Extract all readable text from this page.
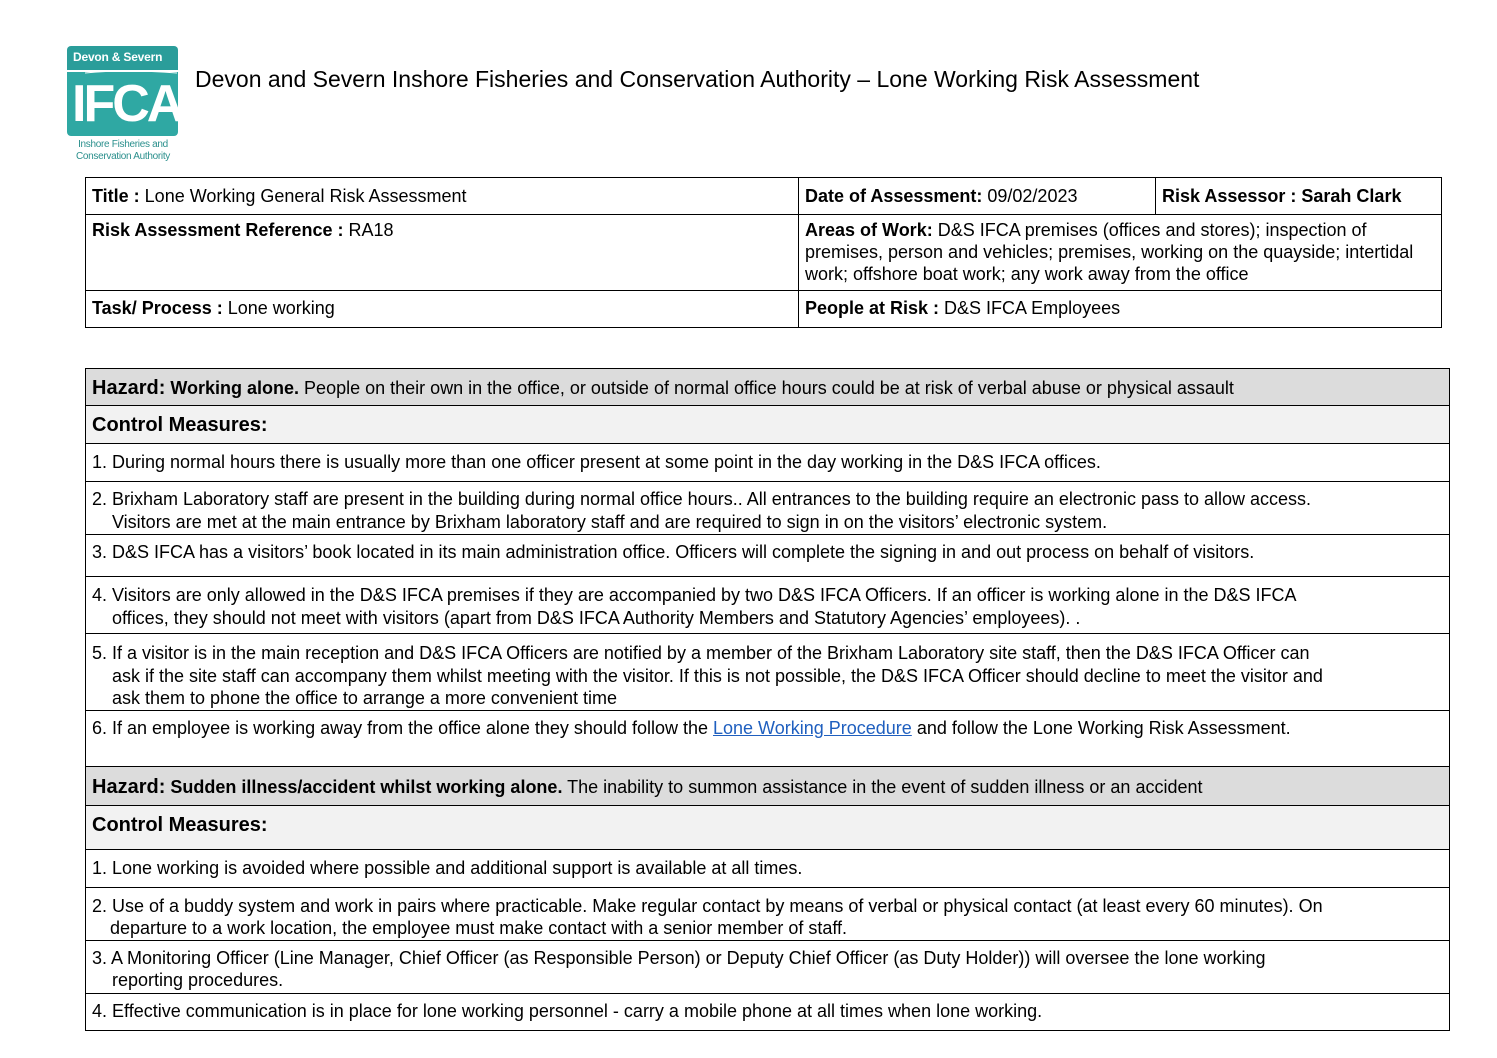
Devon & Severn
IFCA
Inshore Fisheries and
Conservation Authority
Devon and Severn Inshore Fisheries and Conservation Authority – Lone Working Risk Assessment
Title : Lone Working General Risk Assessment	Date of Assessment: 09/02/2023	Risk Assessor : Sarah Clark
Risk Assessment Reference : RA18	Areas of Work: D&S IFCA premises (offices and stores); inspection of premises, person and vehicles; premises, working on the quayside; intertidal work; offshore boat work; any work away from the office	
Task/ Process : Lone working	People at Risk : D&S IFCA Employees	
Hazard: Working alone. People on their own in the office, or outside of normal office hours could be at risk of verbal abuse or physical assault
Control Measures:

1. During normal hours there is usually more than one officer present at some point in the day working in the D&S IFCA offices.

2. Brixham Laboratory staff are present in the building during normal office hours.. All entrances to the building require an electronic pass to allow access.
Visitors are met at the main entrance by Brixham laboratory staff and are required to sign in on the visitors’ electronic system.

3. D&S IFCA has a visitors’ book located in its main administration office. Officers will complete the signing in and out process on behalf of visitors.

4. Visitors are only allowed in the D&S IFCA premises if they are accompanied by two D&S IFCA Officers. If an officer is working alone in the D&S IFCA
offices, they should not meet with visitors (apart from D&S IFCA Authority Members and Statutory Agencies’ employees). .

5. If a visitor is in the main reception and D&S IFCA Officers are notified by a member of the Brixham Laboratory site staff, then the D&S IFCA Officer can
ask if the site staff can accompany them whilst meeting with the visitor. If this is not possible, the D&S IFCA Officer should decline to meet the visitor and
ask them to phone the office to arrange a more convenient time

6. If an employee is working away from the office alone they should follow the Lone Working Procedure and follow the Lone Working Risk Assessment.
Hazard: Sudden illness/accident whilst working alone. The inability to summon assistance in the event of sudden illness or an accident
Control Measures:

1. Lone working is avoided where possible and additional support is available at all times.

2. Use of a buddy system and work in pairs where practicable. Make regular contact by means of verbal or physical contact (at least every 60 minutes). On
departure to a work location, the employee must make contact with a senior member of staff.

3. A Monitoring Officer (Line Manager, Chief Officer (as Responsible Person) or Deputy Chief Officer (as Duty Holder)) will oversee the lone working
reporting procedures.

4. Effective communication is in place for lone working personnel - carry a mobile phone at all times when lone working.
